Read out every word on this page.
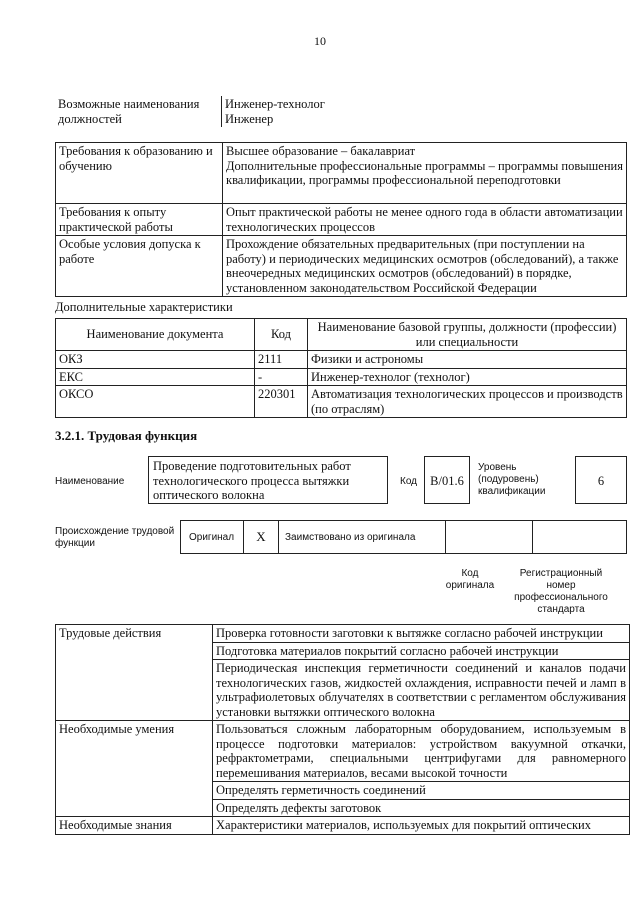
10
Возможные наименования должностей	
Инженер-технолог
Инженер
Требования к образованию и обучению	Высшее образование – бакалавриат
Дополнительные профессиональные программы – программы повышения квалификации, программы профессиональной переподготовки

Требования к опыту практической работы	Опыт практической работы не менее одного года в области автоматизации технологических процессов
Особые условия допуска к работе	Прохождение обязательных предварительных (при поступлении на работу) и периодических медицинских осмотров (обследований), а также внеочередных медицинских осмотров (обследований) в порядке, установленном законодательством Российской Федерации
Дополнительные характеристики
Наименование документа	Код	Наименование базовой группы, должности (профессии) или специальности
ОКЗ	2111	Физики и астрономы
ЕКС	-	Инженер-технолог (технолог)
ОКСО	220301	Автоматизация технологических процессов и производств (по отраслям)
3.2.1. Трудовая функция
Наименование
Проведение подготовительных работ технологического процесса вытяжки оптического волокна
Код	B/01.6
Уровень (подуровень) квалификации
6
Происхождение трудовой функции
Оригинал	X	Заимствовано из оригинала
Код оригинала
Регистрационный номер профессионального стандарта
Трудовые действия	Проверка готовности заготовки к вытяжке согласно рабочей инструкции
	Подготовка материалов покрытий согласно рабочей инструкции
	Периодическая инспекция герметичности соединений и каналов подачи технологических газов, жидкостей охлаждения, исправности печей и ламп в ультрафиолетовых облучателях в соответствии с регламентом обслуживания установки вытяжки оптического волокна
Необходимые умения	Пользоваться сложным лабораторным оборудованием, используемым в процессе подготовки материалов: устройством вакуумной откачки, рефрактометрами, специальными центрифугами для равномерного перемешивания материалов, весами высокой точности
	Определять герметичность соединений
	Определять дефекты заготовок
Необходимые знания	Характеристики материалов, используемых для покрытий оптических
